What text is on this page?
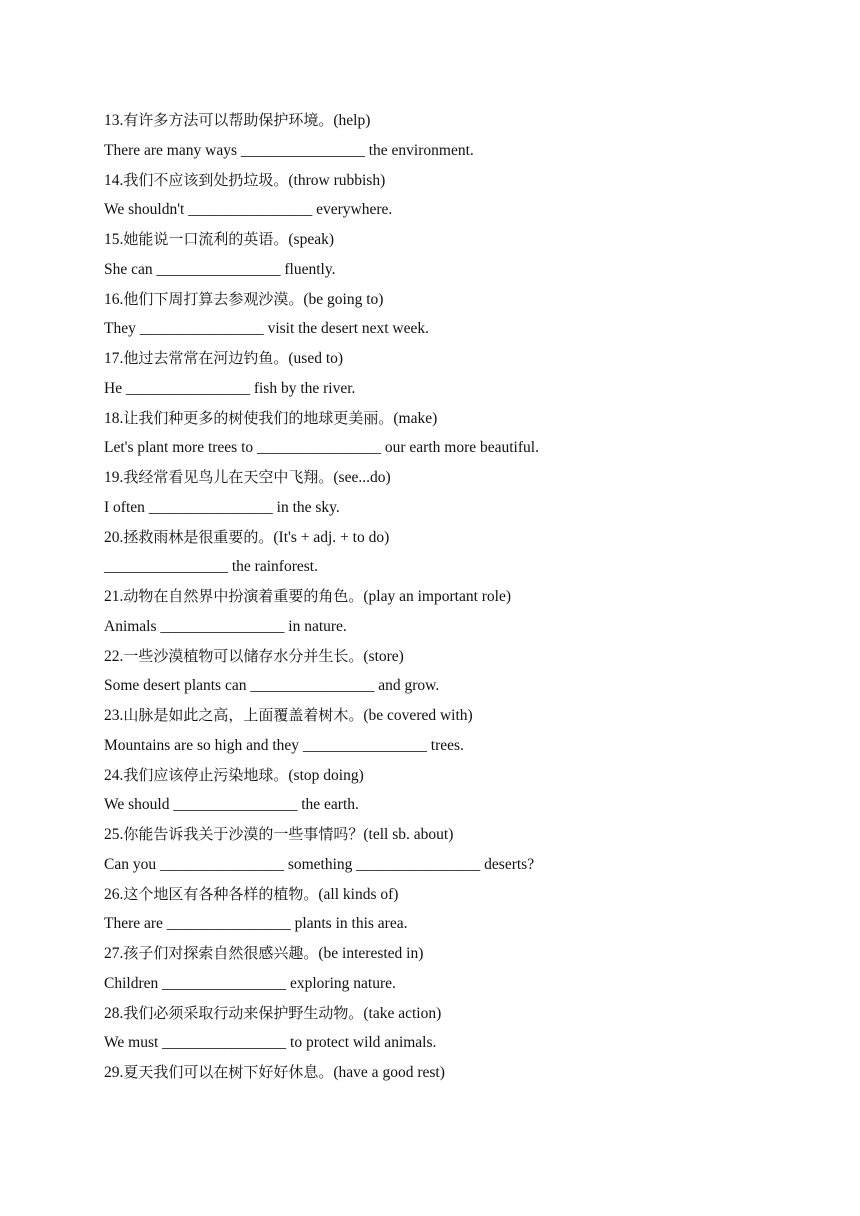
13.有许多方法可以帮助保护环境。(help)
There are many ways ________________ the environment.
14.我们不应该到处扔垃圾。(throw rubbish)
We shouldn't ________________ everywhere.
15.她能说一口流利的英语。(speak)
She can ________________ fluently.
16.他们下周打算去参观沙漠。(be going to)
They ________________ visit the desert next week.
17.他过去常常在河边钓鱼。(used to)
He ________________ fish by the river.
18.让我们种更多的树使我们的地球更美丽。(make)
Let's plant more trees to ________________ our earth more beautiful.
19.我经常看见鸟儿在天空中飞翔。(see...do)
I often ________________ in the sky.
20.拯救雨林是很重要的。(It's + adj. + to do)
________________ the rainforest.
21.动物在自然界中扮演着重要的角色。(play an important role)
Animals ________________ in nature.
22.一些沙漠植物可以储存水分并生长。(store)
Some desert plants can ________________ and grow.
23.山脉是如此之高，上面覆盖着树木。(be covered with)
Mountains are so high and they ________________ trees.
24.我们应该停止污染地球。(stop doing)
We should ________________ the earth.
25.你能告诉我关于沙漠的一些事情吗？(tell sb. about)
Can you ________________ something ________________ deserts?
26.这个地区有各种各样的植物。(all kinds of)
There are ________________ plants in this area.
27.孩子们对探索自然很感兴趣。(be interested in)
Children ________________ exploring nature.
28.我们必须采取行动来保护野生动物。(take action)
We must ________________ to protect wild animals.
29.夏天我们可以在树下好好休息。(have a good rest)
